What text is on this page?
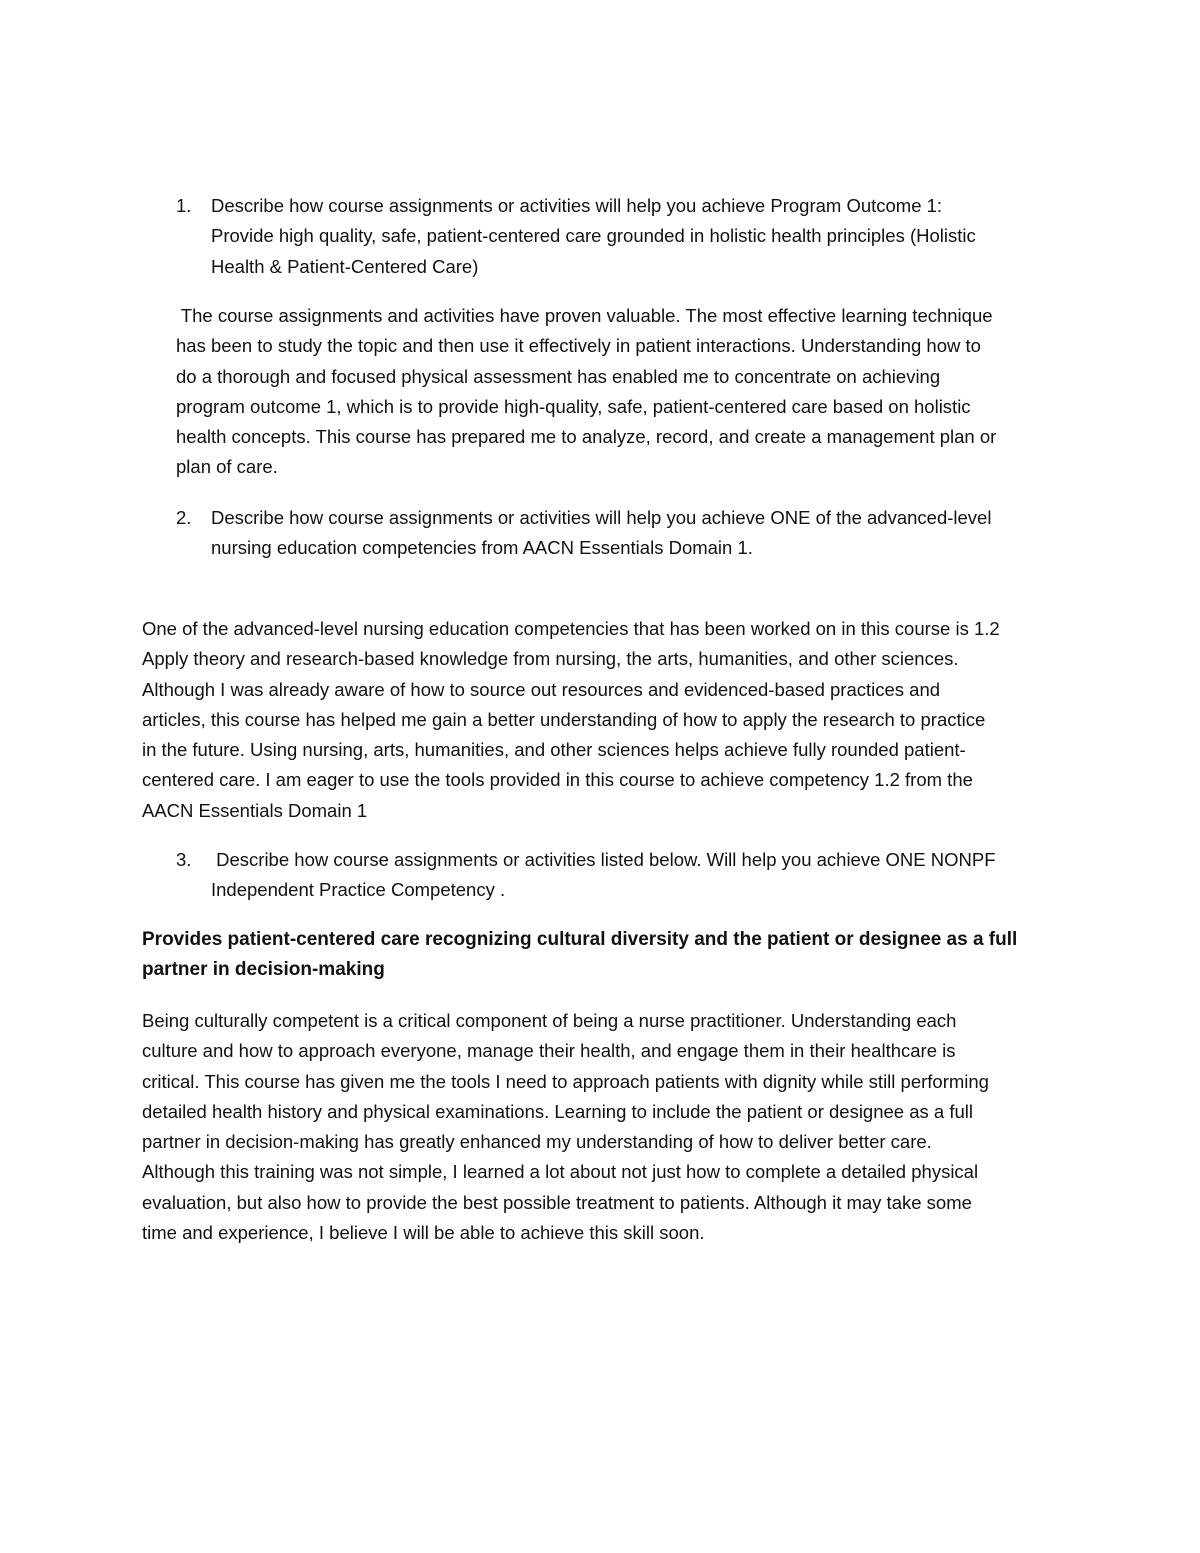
1. Describe how course assignments or activities will help you achieve Program Outcome 1:
Provide high quality, safe, patient-centered care grounded in holistic health principles (Holistic
Health & Patient-Centered Care)
The course assignments and activities have proven valuable. The most effective learning technique
has been to study the topic and then use it effectively in patient interactions. Understanding how to
do a thorough and focused physical assessment has enabled me to concentrate on achieving
program outcome 1, which is to provide high-quality, safe, patient-centered care based on holistic
health concepts. This course has prepared me to analyze, record, and create a management plan or
plan of care.
2. Describe how course assignments or activities will help you achieve ONE of the advanced-level
nursing education competencies from AACN Essentials Domain 1.
One of the advanced-level nursing education competencies that has been worked on in this course is 1.2
Apply theory and research-based knowledge from nursing, the arts, humanities, and other sciences.
Although I was already aware of how to source out resources and evidenced-based practices and
articles, this course has helped me gain a better understanding of how to apply the research to practice
in the future. Using nursing, arts, humanities, and other sciences helps achieve fully rounded patient-
centered care. I am eager to use the tools provided in this course to achieve competency 1.2 from the
AACN Essentials Domain 1
3. Describe how course assignments or activities listed below. Will help you achieve ONE NONPF
Independent Practice Competency .
Provides patient-centered care recognizing cultural diversity and the patient or designee as a full
partner in decision-making
Being culturally competent is a critical component of being a nurse practitioner. Understanding each
culture and how to approach everyone, manage their health, and engage them in their healthcare is
critical. This course has given me the tools I need to approach patients with dignity while still performing
detailed health history and physical examinations. Learning to include the patient or designee as a full
partner in decision-making has greatly enhanced my understanding of how to deliver better care.
Although this training was not simple, I learned a lot about not just how to complete a detailed physical
evaluation, but also how to provide the best possible treatment to patients. Although it may take some
time and experience, I believe I will be able to achieve this skill soon.
